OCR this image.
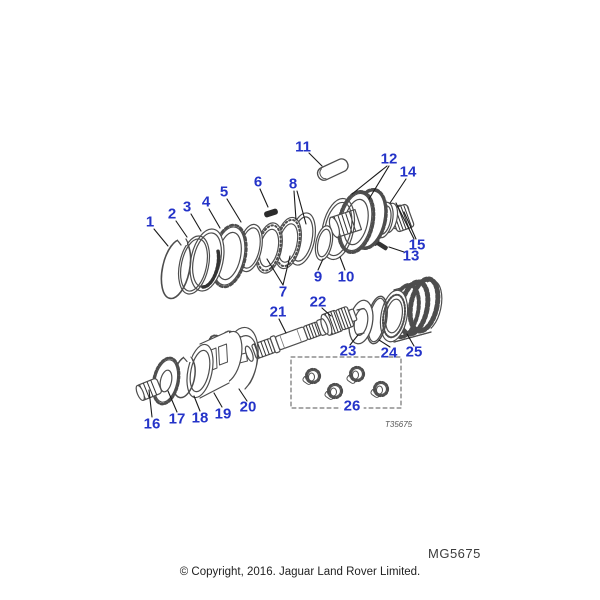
1 2 3 4
5
6
7
8
9 10
11
12
13
14
15
16 17 18 19 20
21
22
23 24 25
26
T35675
MG5675
© Copyright, 2016. Jaguar Land Rover Limited.
